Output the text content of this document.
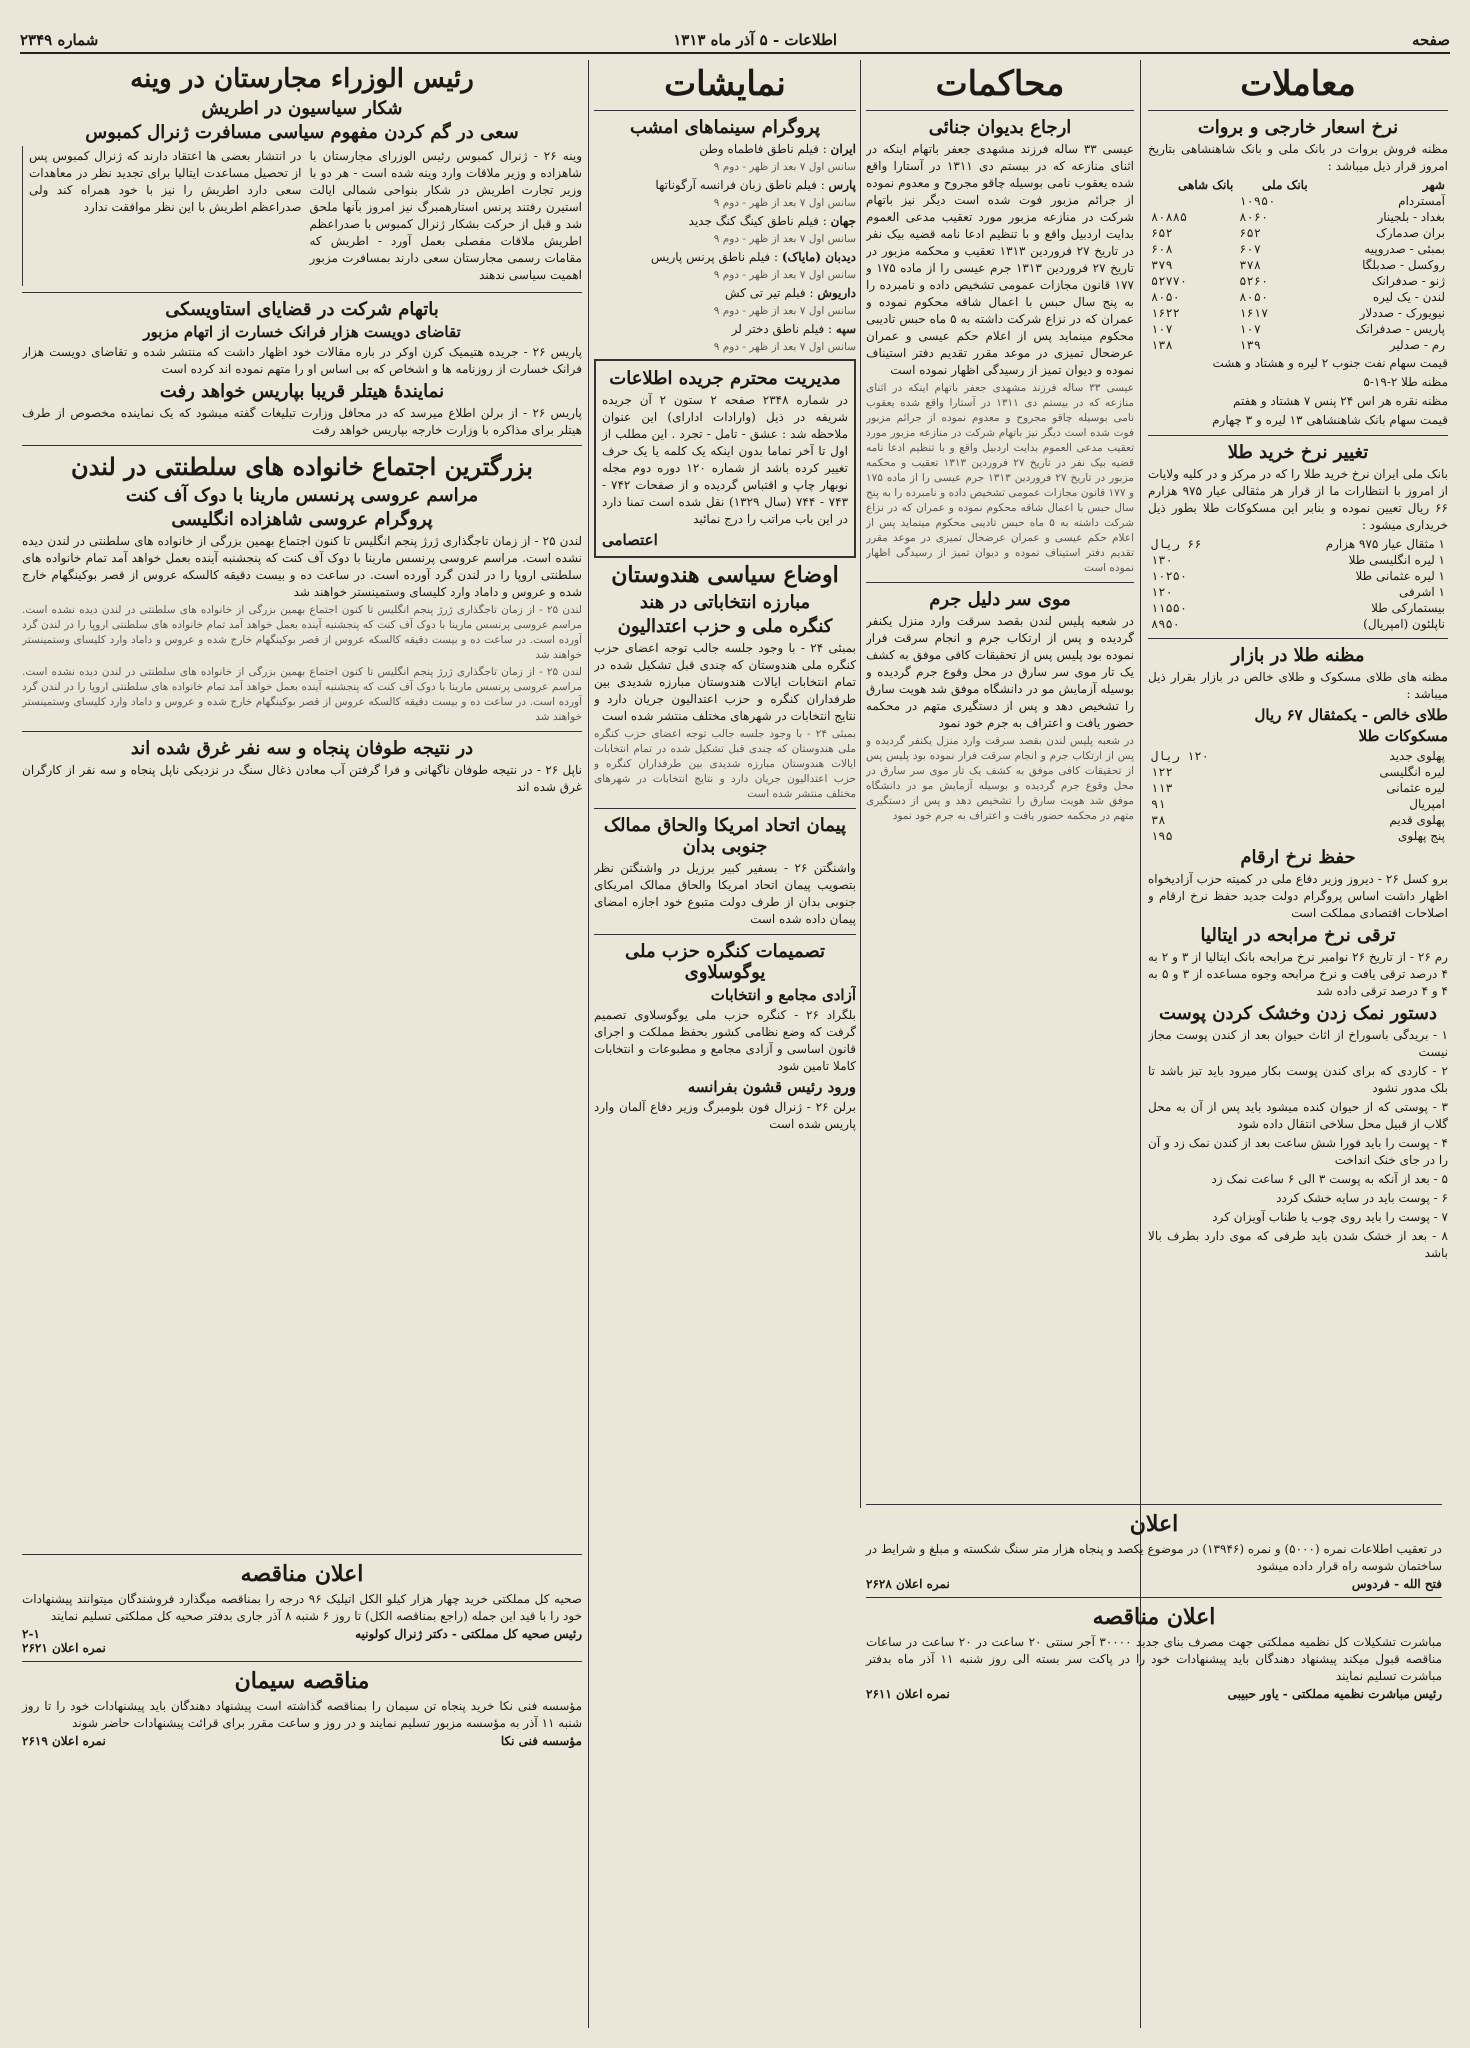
صفحه
اطلاعات - ۵ آذر ماه ۱۳۱۳
شماره ۲۳۴۹
معاملات
نرخ اسعار خارجی و بروات

مظنه فروش بروات در بانک ملی و بانک شاهنشاهی بتاریخ امروز قرار ذیل میباشد :

شهر	بانک ملی	بانک شاهی
آمستردام	۱۰۹۵۰	
بغداد - بلجینار	۸۰۶۰	۸۰۸۸۵
بران صدمارک	۶۵۲	۶۵۲
بمبئی - صدروپیه	۶۰۷	۶۰۸
روکسل - صدبلگا	۳۷۸	۳۷۹
ژنو - صدفرانک	۵۲۶۰	۵۲۷۷۰
لندن - یک لیره	۸۰۵۰	۸۰۵۰
نیویورک - صددلار	۱۶۱۷	۱۶۲۲
پاریس - صدفرانک	۱۰۷	۱۰۷
رم - صدلیر	۱۳۹	۱۳۸

قیمت سهام نفت جنوب ۲ لیره و هشتاد و هشت

مظنه طلا ۲-۱۹-۵

مظنه نقره هر اس ۲۴ پنس ۷ هشتاد و هفتم

قیمت سهام بانک شاهنشاهی ۱۳ لیره و ۳ چهارم

تغییر نرخ خرید طلا

بانک ملی ایران نرخ خرید طلا را که در مرکز و در کلیه ولایات از امروز با انتظارات ما از قرار هر مثقالی عیار ۹۷۵ هزارم ۶۶ ریال تعیین نموده و بنابر این مسکوکات طلا بطور ذیل خریداری میشود :

۱ مثقال عیار ۹۷۵ هزارم	۶۶ ریال
۱ لیره انگلیسی طلا	۱۳۰
۱ لیره عثمانی طلا	۱۰۲۵۰
۱ اشرفی	۱۲۰
بیستمارکی طلا	۱۱۵۵۰
ناپلئون (امپریال)	۸۹۵۰
مظنه طلا در بازار

مظنه های طلای مسکوک و طلای خالص در بازار بقرار ذیل میباشد :

طلای خالص - یکمثقال ۶۷ ریال
مسکوکات طلا
پهلوی جدید	۱۲۰ ریال
لیره انگلیسی	۱۲۲
لیره عثمانی	۱۱۳
امپریال	۹۱
پهلوی قدیم	۳۸
پنج پهلوی	۱۹۵
حفظ نرخ ارقام

برو کسل ۲۶ - دیروز وزیر دفاع ملی در کمیته حزب آزادیخواه اظهار داشت اساس پروگرام دولت جدید حفظ نرخ ارقام و اصلاحات اقتصادی مملکت است

ترقی نرخ مرابحه در ایتالیا

رم ۲۶ - از تاریخ ۲۶ نوامبر نرخ مرابحه بانک ایتالیا از ۳ و ۲ به ۴ درصد ترقی یافت و نرخ مرابحه وجوه مساعده از ۳ و ۵ به ۴ و ۴ درصد ترقی داده شد

دستور نمک زدن وخشک کردن پوست

۱ - بریدگی باسوراخ از اثاث حیوان بعد از کندن پوست مجاز نیست

۲ - کاردی که برای کندن پوست بکار میرود باید تیز باشد تا بلک مدور نشود

۳ - پوستی که از حیوان کنده میشود باید پس از آن به محل گلاب از قبیل محل سلاخی انتقال داده شود

۴ - پوست را باید فورا شش ساعت بعد از کندن نمک زد و آن را در جای خنک انداخت

۵ - بعد از آنکه به پوست ۳ الی ۶ ساعت نمک زد

۶ - پوست باید در سایه خشک کردد

۷ - پوست را باید روی چوب یا طناب آویزان کرد

۸ - بعد از خشک شدن باید طرفی که موی دارد بطرف بالا باشد

محاکمات
ارجاع بدیوان جنائی

عیسی ۳۳ ساله فرزند مشهدی جعفر باتهام اینکه در اثنای منازعه که در بیستم دی ۱۳۱۱ در آستارا واقع شده یعقوب نامی بوسیله چاقو مجروح و معدوم نموده از جرائم مزبور فوت شده است دیگر نیز باتهام شرکت در منازعه مزبور مورد تعقیب مدعی العموم بدایت اردبیل واقع و با تنظیم ادعا نامه قضیه بیک نفر در تاریخ ۲۷ فروردین ۱۳۱۳ تعقیب و محکمه مزبور در تاریخ ۲۷ فروردین ۱۳۱۳ جرم عیسی را از ماده ۱۷۵ و ۱۷۷ قانون مجازات عمومی تشخیص داده و نامبرده را به پنج سال حبس با اعمال شاقه محکوم نموده و عمران که در نزاع شرکت داشته به ۵ ماه حبس تادیبی محکوم مینماید پس از اعلام حکم عیسی و عمران عرضحال تمیزی در موعد مقرر تقدیم دفتر استیناف نموده و دیوان تمیز از رسیدگی اظهار نموده است

عیسی ۳۳ ساله فرزند مشهدی جعفر باتهام اینکه در اثنای منازعه که در بیستم دی ۱۳۱۱ در آستارا واقع شده یعقوب نامی بوسیله چاقو مجروح و معدوم نموده از جرائم مزبور فوت شده است دیگر نیز باتهام شرکت در منازعه مزبور مورد تعقیب مدعی العموم بدایت اردبیل واقع و با تنظیم ادعا نامه قضیه بیک نفر در تاریخ ۲۷ فروردین ۱۳۱۳ تعقیب و محکمه مزبور در تاریخ ۲۷ فروردین ۱۳۱۳ جرم عیسی را از ماده ۱۷۵ و ۱۷۷ قانون مجازات عمومی تشخیص داده و نامبرده را به پنج سال حبس با اعمال شاقه محکوم نموده و عمران که در نزاع شرکت داشته به ۵ ماه حبس تادیبی محکوم مینماید پس از اعلام حکم عیسی و عمران عرضحال تمیزی در موعد مقرر تقدیم دفتر استیناف نموده و دیوان تمیز از رسیدگی اظهار نموده است

موی سر دلیل جرم

در شعبه پلیس لندن بقصد سرقت وارد منزل یکنفر گردیده و پس از ارتکاب جرم و انجام سرقت فرار نموده بود پلیس پس از تحقیقات کافی موفق به کشف یک تار موی سر سارق در محل وقوع جرم گردیده و بوسیله آزمایش مو در دانشگاه موفق شد هویت سارق را تشخیص دهد و پس از دستگیری متهم در محکمه حضور یافت و اعتراف به جرم خود نمود

در شعبه پلیس لندن بقصد سرقت وارد منزل یکنفر گردیده و پس از ارتکاب جرم و انجام سرقت فرار نموده بود پلیس پس از تحقیقات کافی موفق به کشف یک تار موی سر سارق در محل وقوع جرم گردیده و بوسیله آزمایش مو در دانشگاه موفق شد هویت سارق را تشخیص دهد و پس از دستگیری متهم در محکمه حضور یافت و اعتراف به جرم خود نمود

اعلان

در تعقیب اطلاعات نمره (۵۰۰۰) و نمره (۱۳۹۴۶) در موضوع یکصد و پنجاه هزار متر سنگ شکسته و مبلغ و شرایط در ساختمان شوسه راه قرار داده میشود

فتح الله - فردوس
نمره اعلان ۲۶۲۸
اعلان مناقصه

مباشرت تشکیلات کل نظمیه مملکتی جهت مصرف بنای جدید ۳۰۰۰۰ آجر سنتی ۲۰ ساعت در ۲۰ ساعت در ساعات مناقصه قبول میکند پیشنهاد دهندگان باید پیشنهادات خود را در پاکت سر بسته الی روز شنبه ۱۱ آذر ماه بدفتر مباشرت تسلیم نمایند

رئیس مباشرت نظمیه مملکتی - یاور حبیبی
نمره اعلان ۲۶۱۱
نمایشات
پروگرام سینماهای امشب

ایران : فیلم ناطق فاطماه وطن

سانس اول ۷ بعد از ظهر - دوم ۹

پارس : فیلم ناطق زبان فرانسه آرگوناتها

سانس اول ۷ بعد از ظهر - دوم ۹

جهان : فیلم ناطق کینگ کنگ جدید

سانس اول ۷ بعد از ظهر - دوم ۹

دیدبان (مایاک) : فیلم ناطق پرنس پاریس

سانس اول ۷ بعد از ظهر - دوم ۹

داریوش : فیلم تیر تی کش

سانس اول ۷ بعد از ظهر - دوم ۹

سپه : فیلم ناطق دختر لر

سانس اول ۷ بعد از ظهر - دوم ۹

مدیریت محترم جریده اطلاعات

در شماره ۲۳۴۸ صفحه ۲ ستون ۲ آن جریده شریفه در ذیل (وارادات ادارای) این عنوان ملاحظه شد : عشق - تامل - تجرد . این مطلب از اول تا آخر تماما بدون اینکه یک کلمه یا یک حرف تغییر کرده باشد از شماره ۱۲۰ دوره دوم مجله نوبهار چاپ و اقتباس گردیده و از صفحات ۷۴۲ - ۷۴۳ - ۷۴۴ (سال ۱۳۲۹) نقل شده است تمنا دارد در این باب مراتب را درج نمائید

اعتصامی
اوضاع سیاسی هندوستان
مبارزه انتخاباتی در هند
کنگره ملی و حزب اعتدالیون

بمبئی ۲۴ - با وجود جلسه جالب توجه اعضای حزب کنگره ملی هندوستان که چندی قبل تشکیل شده در تمام انتخابات ایالات هندوستان مبارزه شدیدی بین طرفداران کنگره و حزب اعتدالیون جریان دارد و نتایج انتخابات در شهرهای مختلف منتشر شده است

بمبئی ۲۴ - با وجود جلسه جالب توجه اعضای حزب کنگره ملی هندوستان که چندی قبل تشکیل شده در تمام انتخابات ایالات هندوستان مبارزه شدیدی بین طرفداران کنگره و حزب اعتدالیون جریان دارد و نتایج انتخابات در شهرهای مختلف منتشر شده است

پیمان اتحاد امریکا والحاق ممالک جنوبی بدان

واشنگتن ۲۶ - بسفیر کبیر برزیل در واشنگتن نظر بتصویب پیمان اتحاد امریکا والحاق ممالک امریکای جنوبی بدان از طرف دولت متبوع خود اجازه امضای پیمان داده شده است

تصمیمات کنگره حزب ملی یوگوسلاوی
آزادی مجامع و انتخابات

بلگراد ۲۶ - کنگره حزب ملی یوگوسلاوی تصمیم گرفت که وضع نظامی کشور بحفظ مملکت و اجرای قانون اساسی و آزادی مجامع و مطبوعات و انتخابات کاملا تامین شود

ورود رئیس قشون بفرانسه

برلن ۲۶ - ژنرال فون بلومبرگ وزیر دفاع آلمان وارد پاریس شده است

رئیس الوزراء مجارستان در وینه
شکار سیاسیون در اطریش
سعی در گم کردن مفهوم سیاسی مسافرت ژنرال کمبوس

وینه ۲۶ - ژنرال کمبوس رئیس الوزرای مجارستان با شاهزاده و وزیر ملاقات وارد وینه شده است - هر دو با وزیر تجارت اطریش در شکار بنواحی شمالی ایالت استیرن رفتند پرنس استارهمبرگ نیز امروز بآنها ملحق شد و قبل از حرکت بشکار ژنرال کمبوس با صدراعظم اطریش ملاقات مفصلی بعمل آورد - اطریش که مقامات رسمی مجارستان سعی دارند بمسافرت مزبور اهمیت سیاسی ندهند

در انتشار بعضی ها اعتقاد دارند که ژنرال کمبوس پس از تحصیل مساعدت ایتالیا برای تجدید نظر در معاهدات سعی دارد اطریش را نیز با خود همراه کند ولی صدراعظم اطریش با این نظر موافقت ندارد

باتهام شرکت در قضایای استاویسکی
تقاضای دویست هزار فرانک خسارت از اتهام مزبور

پاریس ۲۶ - جریده هتیمیک کرن اوکر در باره مقالات خود اظهار داشت که منتشر شده و تقاضای دویست هزار فرانک خسارت از روزنامه ها و اشخاص که بی اساس او را متهم نموده اند کرده است

نمایندهٔ هیتلر قریبا بپاریس خواهد رفت

پاریس ۲۶ - از برلن اطلاع میرسد که در محافل وزارت تبلیغات گفته میشود که یک نماینده مخصوص از طرف هیتلر برای مذاکره با وزارت خارجه بپاریس خواهد رفت

بزرگترین اجتماع خانواده های سلطنتی در لندن
مراسم عروسی پرنسس مارینا با دوک آف کنت
پروگرام عروسی شاهزاده انگلیسی

لندن ۲۵ - از زمان تاجگذاری ژرژ پنجم انگلیس تا کنون اجتماع بهمین بزرگی از خانواده های سلطنتی در لندن دیده نشده است. مراسم عروسی پرنسس مارینا با دوک آف کنت که پنجشنبه آینده بعمل خواهد آمد تمام خانواده های سلطنتی اروپا را در لندن گرد آورده است. در ساعت ده و بیست دقیقه کالسکه عروس از قصر بوکینگهام خارج شده و عروس و داماد وارد کلیسای وستمینستر خواهند شد

لندن ۲۵ - از زمان تاجگذاری ژرژ پنجم انگلیس تا کنون اجتماع بهمین بزرگی از خانواده های سلطنتی در لندن دیده نشده است. مراسم عروسی پرنسس مارینا با دوک آف کنت که پنجشنبه آینده بعمل خواهد آمد تمام خانواده های سلطنتی اروپا را در لندن گرد آورده است. در ساعت ده و بیست دقیقه کالسکه عروس از قصر بوکینگهام خارج شده و عروس و داماد وارد کلیسای وستمینستر خواهند شد

لندن ۲۵ - از زمان تاجگذاری ژرژ پنجم انگلیس تا کنون اجتماع بهمین بزرگی از خانواده های سلطنتی در لندن دیده نشده است. مراسم عروسی پرنسس مارینا با دوک آف کنت که پنجشنبه آینده بعمل خواهد آمد تمام خانواده های سلطنتی اروپا را در لندن گرد آورده است. در ساعت ده و بیست دقیقه کالسکه عروس از قصر بوکینگهام خارج شده و عروس و داماد وارد کلیسای وستمینستر خواهند شد

در نتیجه طوفان پنجاه و سه نفر غرق شده اند

ناپل ۲۶ - در نتیجه طوفان ناگهانی و فرا گرفتن آب معادن ذغال سنگ در نزدیکی ناپل پنجاه و سه نفر از کارگران غرق شده اند

اعلان مناقصه

صحیه کل مملکتی خرید چهار هزار کیلو الکل اتیلیک ۹۶ درجه را بمناقصه میگذارد فروشندگان میتوانند پیشنهادات خود را با قید این جمله (راجع بمناقصه الکل) تا روز ۶ شنبه ۸ آذر جاری بدفتر صحیه کل مملکتی تسلیم نمایند

رئیس صحیه کل مملکتی - دکتر ژنرال کولونیه
۲-۱
نمره اعلان ۲۶۲۱
مناقصه سیمان

مؤسسه فنی نکا خرید پنجاه تن سیمان را بمناقصه گذاشته است پیشنهاد دهندگان باید پیشنهادات خود را تا روز شنبه ۱۱ آذر به مؤسسه مزبور تسلیم نمایند و در روز و ساعت مقرر برای قرائت پیشنهادات حاضر شوند

مؤسسه فنی نکا
نمره اعلان ۲۶۱۹
